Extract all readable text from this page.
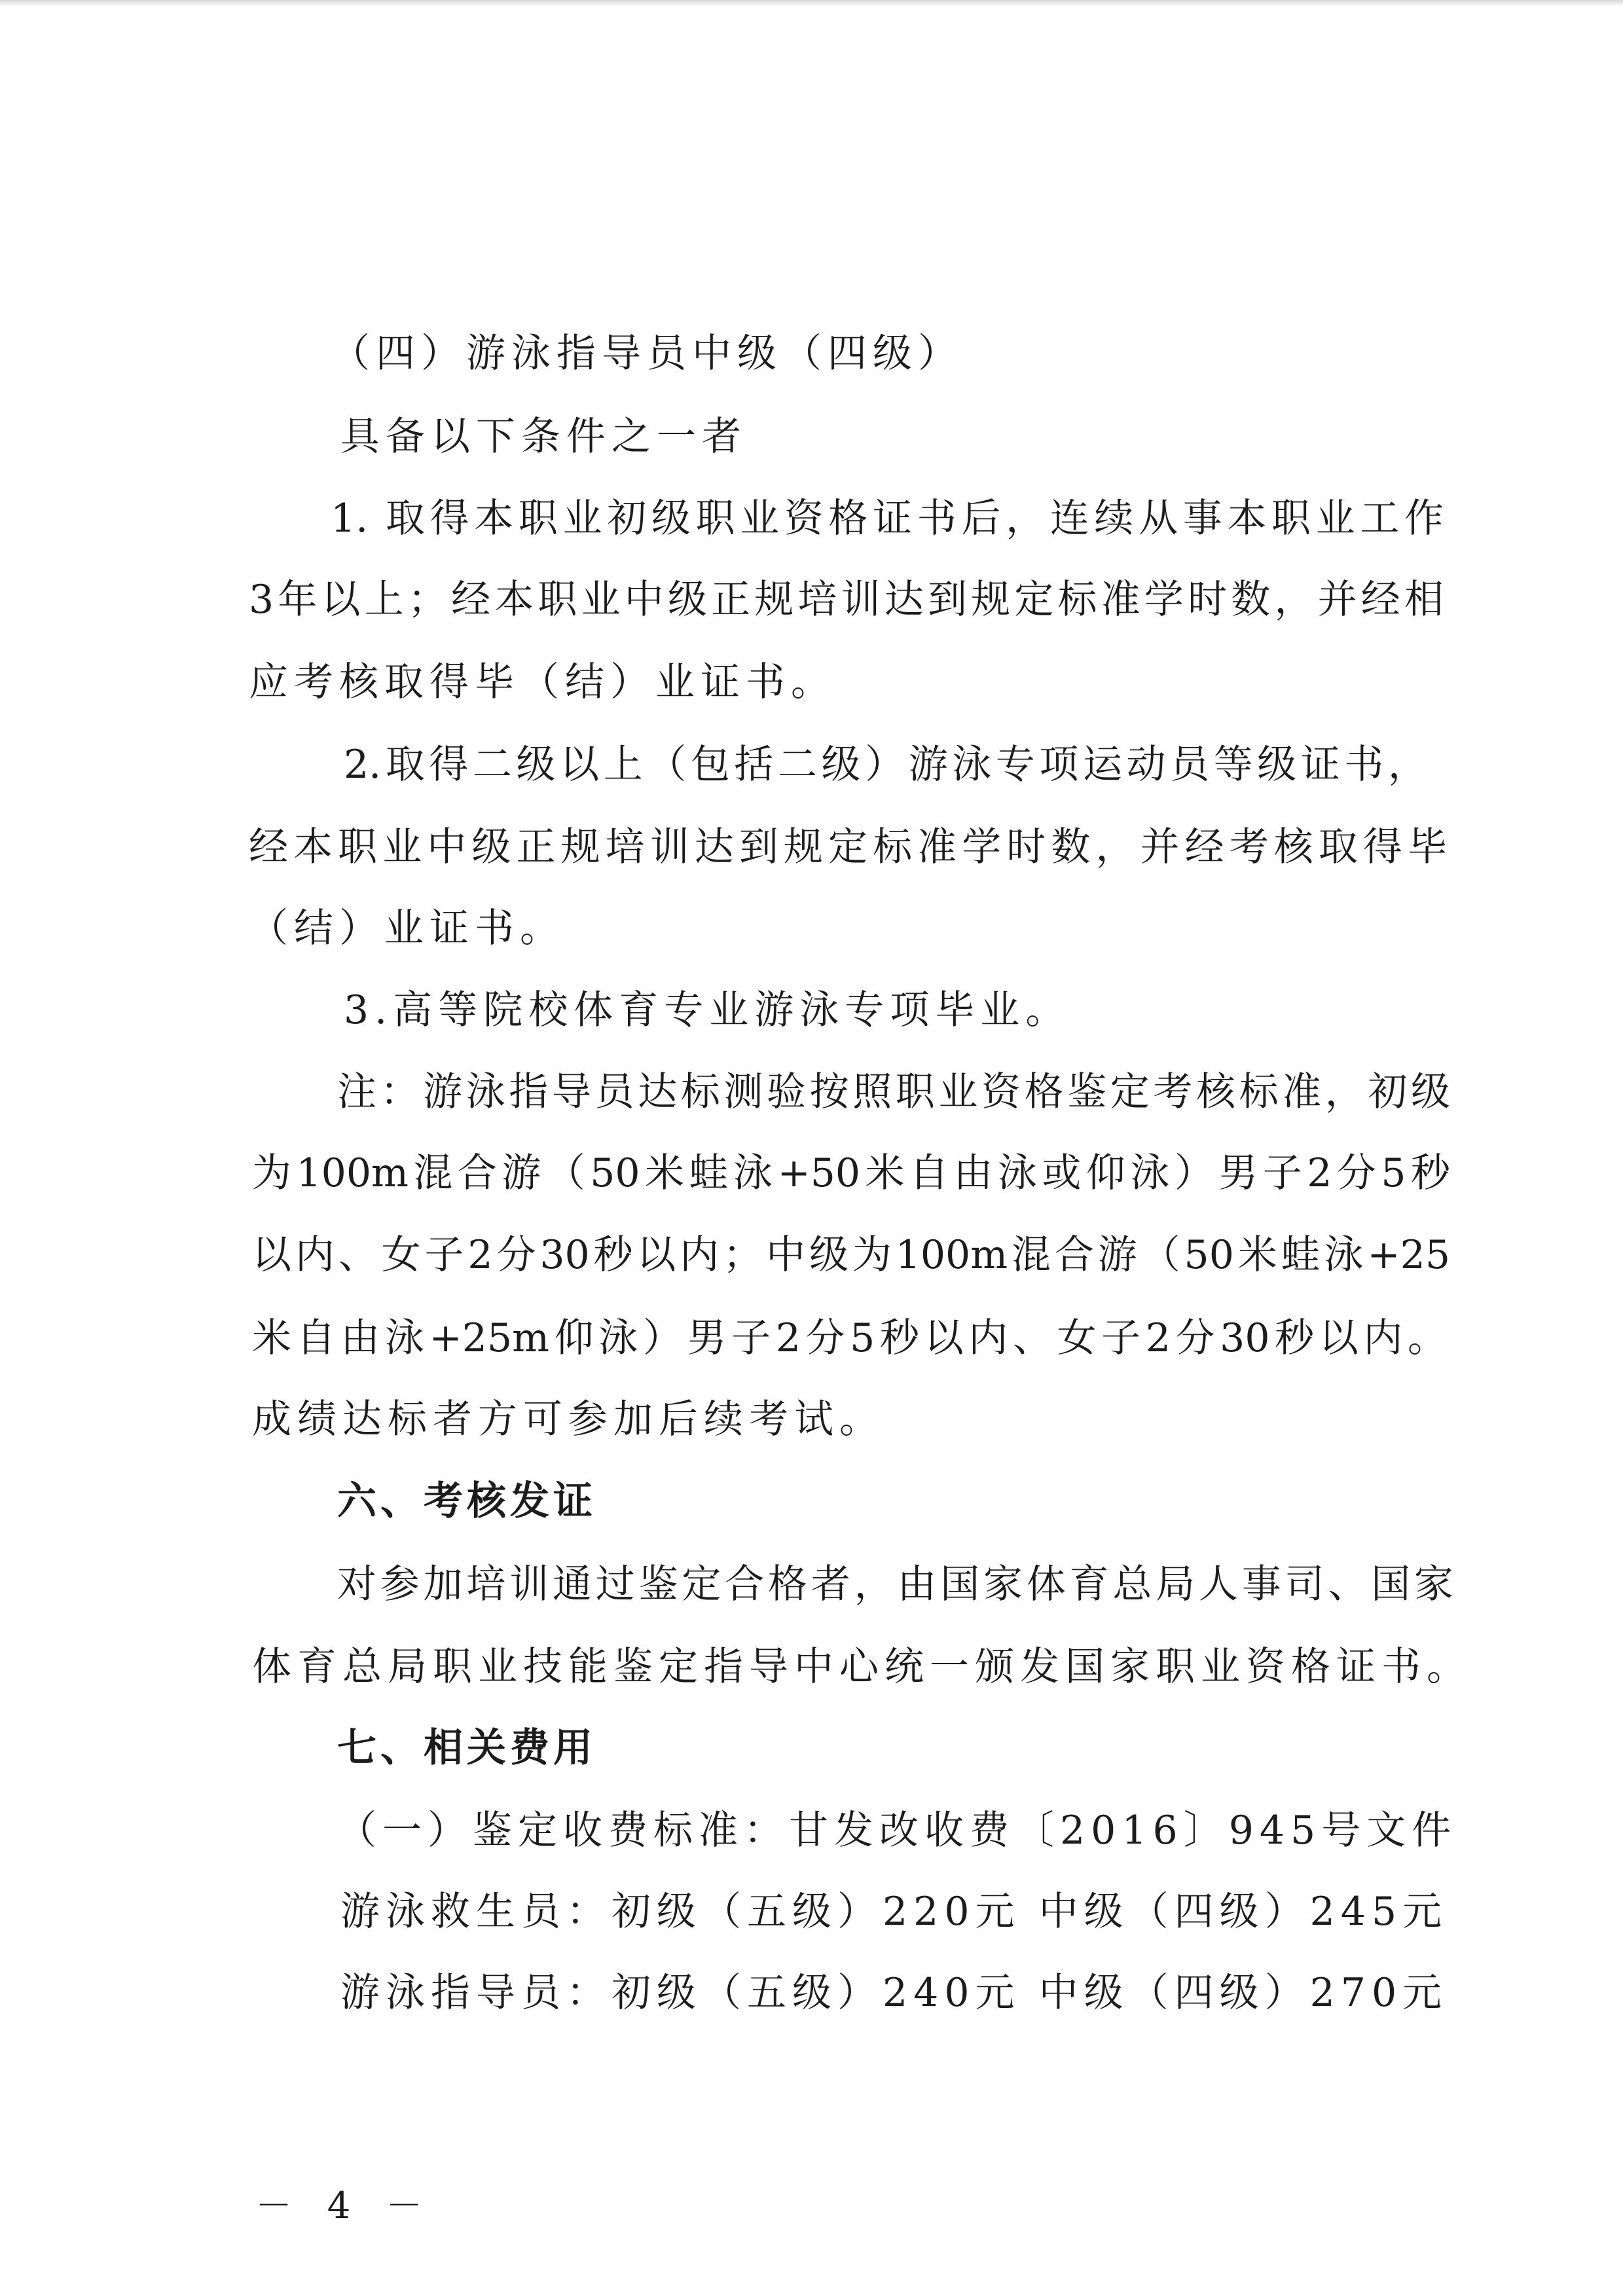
（四）游泳指导员中级（四级）
具备以下条件之一者
1. 取得本职业初级职业资格证书后，连续从事本职业工作
3年以上；经本职业中级正规培训达到规定标准学时数，并经相
应考核取得毕（结）业证书。
2.取得二级以上（包括二级）游泳专项运动员等级证书，
经本职业中级正规培训达到规定标准学时数，并经考核取得毕
（结）业证书。
3.高等院校体育专业游泳专项毕业。
注：游泳指导员达标测验按照职业资格鉴定考核标准，初级
为100m混合游（50米蛙泳+50米自由泳或仰泳）男子2分5秒
以内、女子2分30秒以内；中级为100m混合游（50米蛙泳+25
米自由泳+25m仰泳）男子2分5秒以内、女子2分30秒以内。
成绩达标者方可参加后续考试。
六、考核发证
对参加培训通过鉴定合格者，由国家体育总局人事司、国家
体育总局职业技能鉴定指导中心统一颁发国家职业资格证书。
七、相关费用
（一）鉴定收费标准：甘发改收费〔2016〕945号文件
游泳救生员：初级（五级）220元 中级（四级）245元
游泳指导员：初级（五级）240元 中级（四级）270元
－ 4 －
